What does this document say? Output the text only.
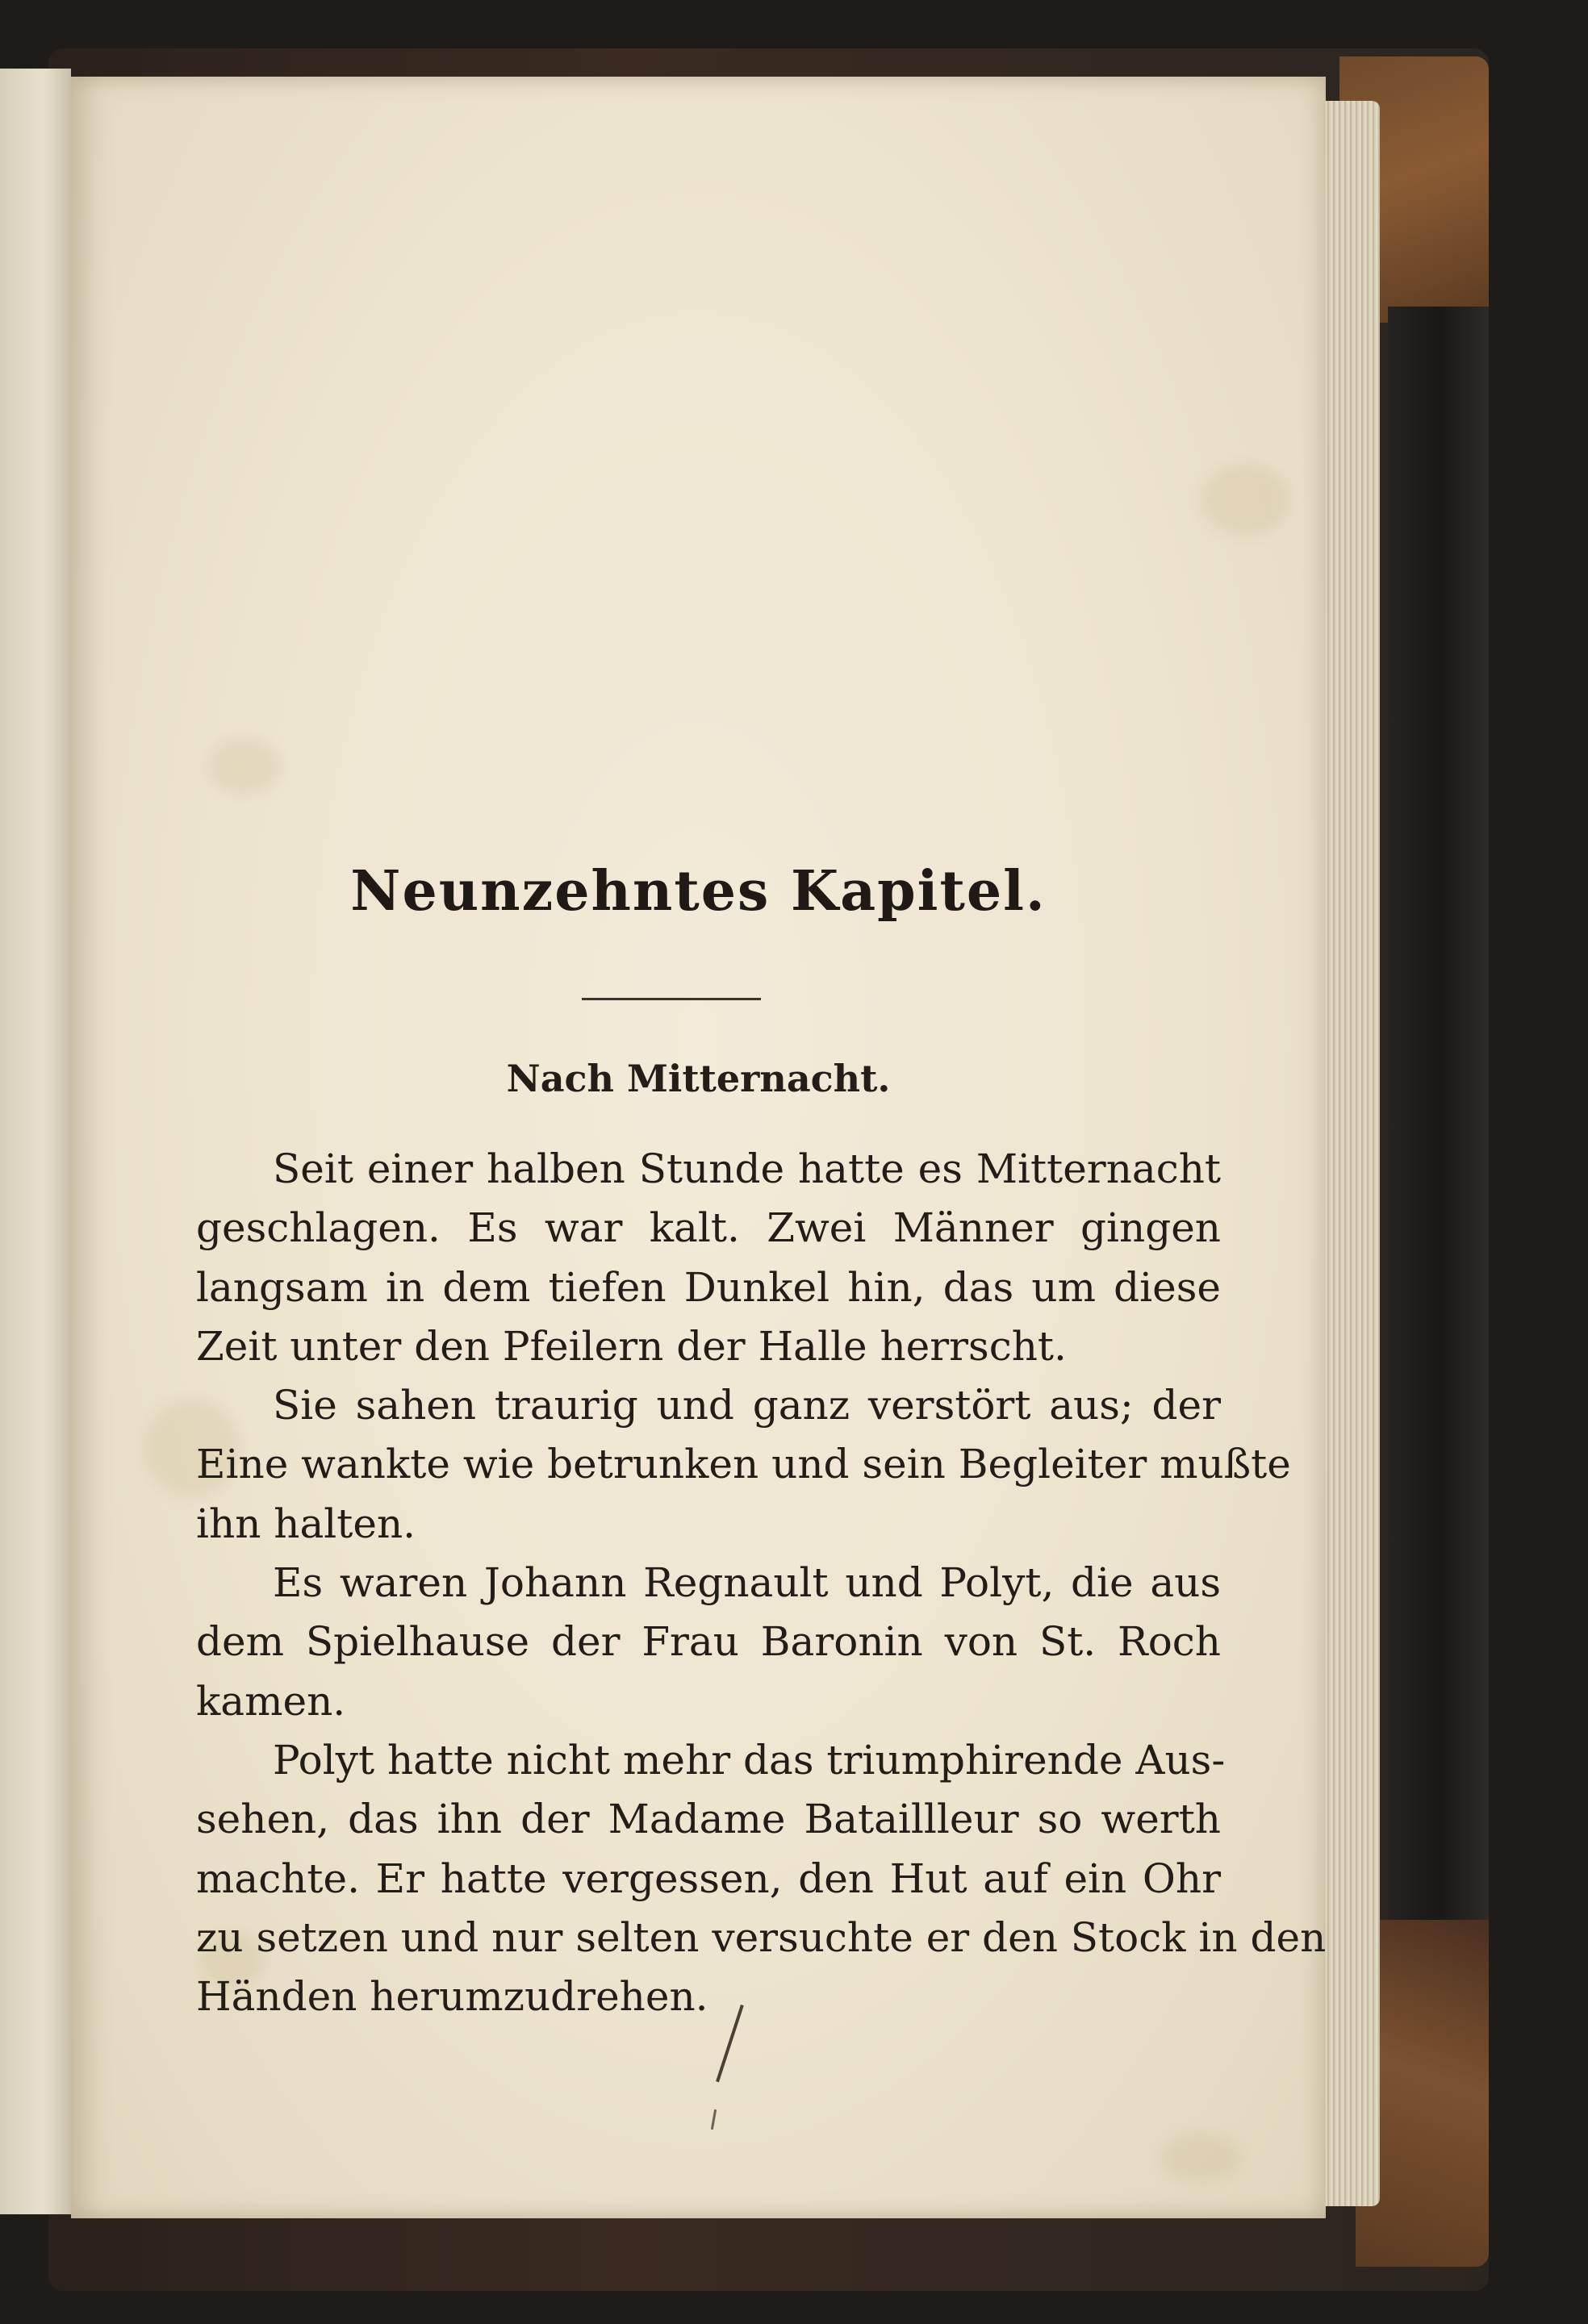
Neunzehntes Kapitel.
Nach Mitternacht.
Seit einer halben Stunde hatte es Mitternacht
geschlagen. Es war kalt. Zwei Männer gingen
langsam in dem tiefen Dunkel hin, das um diese
Zeit unter den Pfeilern der Halle herrscht.
Sie sahen traurig und ganz verstört aus; der
Eine wankte wie betrunken und sein Begleiter mußte
ihn halten.
Es waren Johann Regnault und Polyt, die aus
dem Spielhause der Frau Baronin von St. Roch
kamen.
Polyt hatte nicht mehr das triumphirende Aus-
sehen, das ihn der Madame Bataillleur so werth
machte. Er hatte vergessen, den Hut auf ein Ohr
zu setzen und nur selten versuchte er den Stock in den
Händen herumzudrehen.
